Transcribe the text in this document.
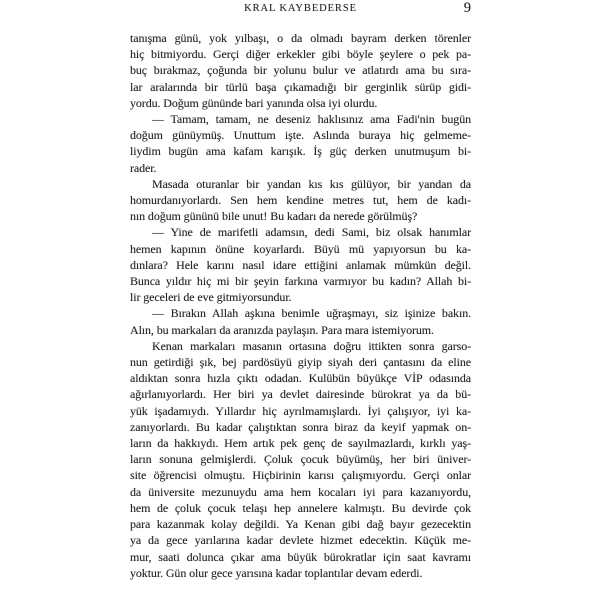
KRAL KAYBEDERSE	9
tanışma günü, yok yılbaşı, o da olmadı bayram derken törenler
hiç bitmiyordu. Gerçi diğer erkekler gibi böyle şeylere o pek pa-
buç bırakmaz, çoğunda bir yolunu bulur ve atlatırdı ama bu sıra-
lar aralarında bir türlü başa çıkamadığı bir gerginlik sürüp gidi-
yordu. Doğum gününde bari yanında olsa iyi olurdu.
— Tamam, tamam, ne deseniz haklısınız ama Fadi'nin bugün
doğum günüymüş. Unuttum işte. Aslında buraya hiç gelmeme-
liydim bugün ama kafam karışık. İş güç derken unutmuşum bi-
rader.
Masada oturanlar bir yandan kıs kıs gülüyor, bir yandan da
homurdanıyorlardı. Sen hem kendine metres tut, hem de kadı-
nın doğum gününü bile unut! Bu kadarı da nerede görülmüş?
— Yine de marifetli adamsın, dedi Sami, biz olsak hanımlar
hemen kapının önüne koyarlardı. Büyü mü yapıyorsun bu ka-
dınlara? Hele karını nasıl idare ettiğini anlamak mümkün değil.
Bunca yıldır hiç mi bir şeyin farkına varmıyor bu kadın? Allah bi-
lir geceleri de eve gitmiyorsundur.
— Bırakın Allah aşkına benimle uğraşmayı, siz işinize bakın.
Alın, bu markaları da aranızda paylaşın. Para mara istemiyorum.
Kenan markaları masanın ortasına doğru ittikten sonra garso-
nun getirdiği şık, bej pardösüyü giyip siyah deri çantasını da eline
aldıktan sonra hızla çıktı odadan. Kulübün büyükçe VİP odasında
ağırlanıyorlardı. Her biri ya devlet dairesinde bürokrat ya da bü-
yük işadamıydı. Yıllardır hiç ayrılmamışlardı. İyi çalışıyor, iyi ka-
zanıyorlardı. Bu kadar çalıştıktan sonra biraz da keyif yapmak on-
ların da hakkıydı. Hem artık pek genç de sayılmazlardı, kırklı yaş-
ların sonuna gelmişlerdi. Çoluk çocuk büyümüş, her biri üniver-
site öğrencisi olmuştu. Hiçbirinin karısı çalışmıyordu. Gerçi onlar
da üniversite mezunuydu ama hem kocaları iyi para kazanıyordu,
hem de çoluk çocuk telaşı hep annelere kalmıştı. Bu devirde çok
para kazanmak kolay değildi. Ya Kenan gibi dağ bayır gezecektin
ya da gece yarılarına kadar devlete hizmet edecektin. Küçük me-
mur, saati dolunca çıkar ama büyük bürokratlar için saat kavramı
yoktur. Gün olur gece yarısına kadar toplantılar devam ederdi.
